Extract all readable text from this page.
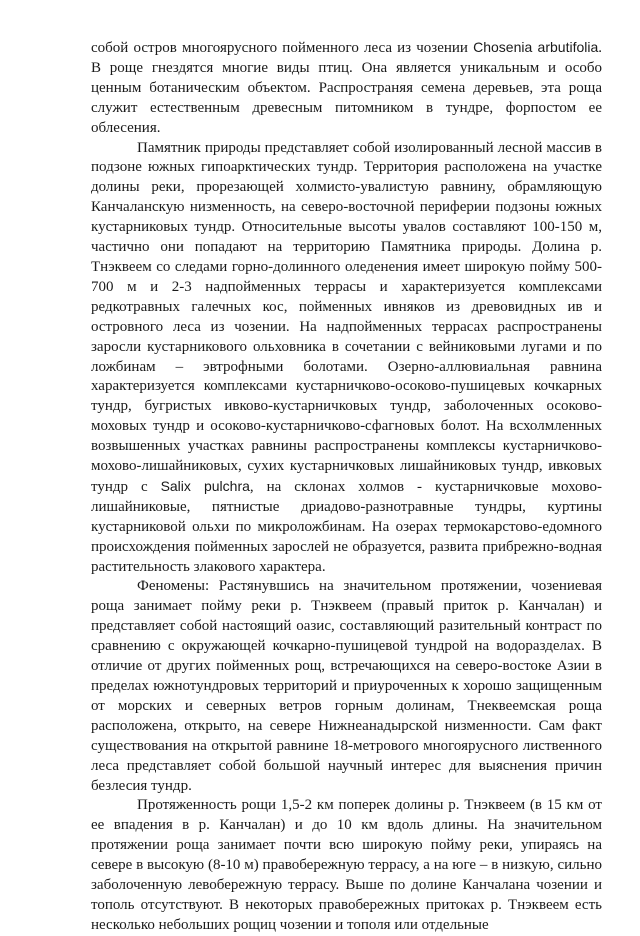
собой остров многоярусного пойменного леса из чозении Chosenia arbutifolia. В роще гнездятся многие виды птиц. Она является уникальным и особо ценным ботаническим объектом. Распространяя семена деревьев, эта роща служит естественным древесным питомником в тундре, форпостом ее облесения.

Памятник природы представляет собой изолированный лесной массив в подзоне южных гипоарктических тундр. Территория расположена на участке долины реки, прорезающей холмисто-увалистую равнину, обрамляющую Канчаланскую низменность, на северо-восточной периферии подзоны южных кустарниковых тундр. Относительные высоты увалов составляют 100-150 м, частично они попадают на территорию Памятника природы. Долина р. Тнэквеем со следами горно-долинного оледенения имеет широкую пойму 500-700 м и 2-3 надпойменных террасы и характеризуется комплексами редкотравных галечных кос, пойменных ивняков из древовидных ив и островного леса из чозении. На надпойменных террасах распространены заросли кустарникового ольховника в сочетании с вейниковыми лугами и по ложбинам – эвтрофными болотами. Озерно-аллювиальная равнина характеризуется комплексами кустарничково-осоково-пушицевых кочкарных тундр, бугристых ивково-кустарничковых тундр, заболоченных осоково-моховых тундр и осоково-кустарничково-сфагновых болот. На всхолмленных возвышенных участках равнины распространены комплексы кустарничково-мохово-лишайниковых, сухих кустарничковых лишайниковых тундр, ивковых тундр с Salix pulchra, на склонах холмов - кустарничковые мохово-лишайниковые, пятнистые дриадово-разнотравные тундры, куртины кустарниковой ольхи по микроложбинам. На озерах термокарстово-едомного происхождения пойменных зарослей не образуется, развита прибрежно-водная растительность злакового характера.

Феномены: Растянувшись на значительном протяжении, чозениевая роща занимает пойму реки р. Тнэквеем (правый приток р. Канчалан) и представляет собой настоящий оазис, составляющий разительный контраст по сравнению с окружающей кочкарно-пушицевой тундрой на водоразделах. В отличие от других пойменных рощ, встречающихся на северо-востоке Азии в пределах южнотундровых территорий и приуроченных к хорошо защищенным от морских и северных ветров горным долинам, Тнеквеемская роща расположена, открыто, на севере Нижнеанадырской низменности. Сам факт существования на открытой равнине 18-метрового многоярусного лиственного леса представляет собой большой научный интерес для выяснения причин безлесия тундр.

Протяженность рощи 1,5-2 км поперек долины р. Тнэквеем (в 15 км от ее впадения в р. Канчалан) и до 10 км вдоль длины. На значительном протяжении роща занимает почти всю широкую пойму реки, упираясь на севере в высокую (8-10 м) правобережную террасу, а на юге – в низкую, сильно заболоченную левобережную террасу. Выше по долине Канчалана чозении и тополь отсутствуют. В некоторых правобережных притоках р. Тнэквеем есть несколько небольших рощиц чозении и тополя или отдельные
